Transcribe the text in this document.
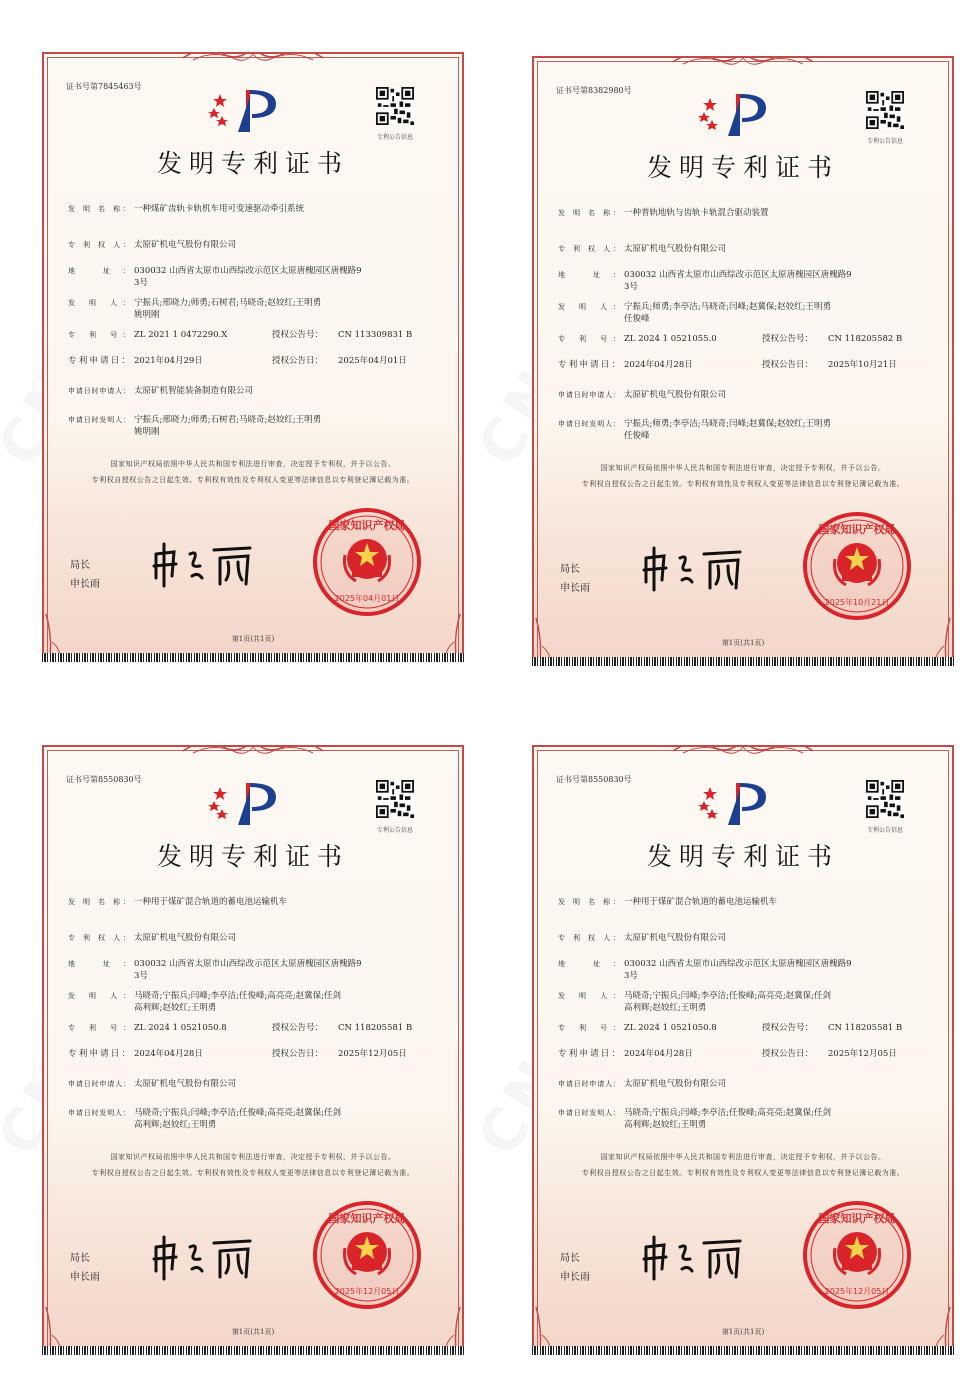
证书号第7845463号
专利公告信息
发明专利证书
发 明 名 称： 一种煤矿齿轨卡轨机车用可变速驱动牵引系统
专 利 权 人： 太原矿机电气股份有限公司
地 址： 030032 山西省太原市山西综改示范区太原唐槐园区唐槐路9
3号
发 明 人： 宁振兵;邢晓力;师勇;石树君;马晓奇;赵姣红;王明勇
姚明刚
专 利 号： ZL 2021 1 0472290.X	授权公告号：	CN 113309831 B
专利申请日： 2021年04月29日	授权公告日：	2025年04月01日
申请日时申请人： 太原矿机智能装备制造有限公司
申请日时发明人： 宁振兵;邢晓力;师勇;石树君;马晓奇;赵姣红;王明勇
姚明刚
国家知识产权局依照中华人民共和国专利法进行审查，决定授予专利权，并予以公告。
专利权自授权公告之日起生效。专利权有效性及专利权人变更等法律信息以专利登记簿记载为准。
局长
申长雨
国家知识产权局
2025年04月01日
第1页(共1页)
证书号第8382980号
专利公告信息
发明专利证书
发 明 名 称： 一种普轨地轨与齿轨卡轨混合驱动装置
专 利 权 人： 太原矿机电气股份有限公司
地 址： 030032 山西省太原市山西综改示范区太原唐槐园区唐槐路9
3号
发 明 人： 宁振兵;师勇;李亭洁;马晓奇;闫峰;赵冀保;赵姣红;王明勇
任俊峰
专 利 号： ZL 2024 1 0521055.0	授权公告号：	CN 118205582 B
专利申请日： 2024年04月28日	授权公告日：	2025年10月21日
申请日时申请人： 太原矿机电气股份有限公司
申请日时发明人： 宁振兵;师勇;李亭洁;马晓奇;闫峰;赵冀保;赵姣红;王明勇
任俊峰
国家知识产权局依照中华人民共和国专利法进行审查，决定授予专利权，并予以公告。
专利权自授权公告之日起生效。专利权有效性及专利权人变更等法律信息以专利登记簿记载为准。
局长
申长雨
国家知识产权局
2025年10月21日
第1页(共1页)
证书号第8550830号
专利公告信息
发明专利证书
发 明 名 称： 一种用于煤矿混合轨道的蓄电池运输机车
专 利 权 人： 太原矿机电气股份有限公司
地 址： 030032 山西省太原市山西综改示范区太原唐槐园区唐槐路9
3号
发 明 人： 马晓奇;宁振兵;闫峰;李亭洁;任俊峰;高亮亮;赵冀保;任剑
高利辉;赵姣红;王明勇
专 利 号： ZL 2024 1 0521050.8	授权公告号：	CN 118205581 B
专利申请日： 2024年04月28日	授权公告日：	2025年12月05日
申请日时申请人： 太原矿机电气股份有限公司
申请日时发明人： 马晓奇;宁振兵;闫峰;李亭洁;任俊峰;高亮亮;赵冀保;任剑
高利辉;赵姣红;王明勇
国家知识产权局依照中华人民共和国专利法进行审查，决定授予专利权，并予以公告。
专利权自授权公告之日起生效。专利权有效性及专利权人变更等法律信息以专利登记簿记载为准。
局长
申长雨
国家知识产权局
2025年12月05日
第1页(共1页)
证书号第8550830号
专利公告信息
发明专利证书
发 明 名 称： 一种用于煤矿混合轨道的蓄电池运输机车
专 利 权 人： 太原矿机电气股份有限公司
地 址： 030032 山西省太原市山西综改示范区太原唐槐园区唐槐路9
3号
发 明 人： 马晓奇;宁振兵;闫峰;李亭洁;任俊峰;高亮亮;赵冀保;任剑
高利辉;赵姣红;王明勇
专 利 号： ZL 2024 1 0521050.8	授权公告号：	CN 118205581 B
专利申请日： 2024年04月28日	授权公告日：	2025年12月05日
申请日时申请人： 太原矿机电气股份有限公司
申请日时发明人： 马晓奇;宁振兵;闫峰;李亭洁;任俊峰;高亮亮;赵冀保;任剑
高利辉;赵姣红;王明勇
国家知识产权局依照中华人民共和国专利法进行审查，决定授予专利权，并予以公告。
专利权自授权公告之日起生效。专利权有效性及专利权人变更等法律信息以专利登记簿记载为准。
局长
申长雨
国家知识产权局
2025年12月05日
第1页(共1页)
